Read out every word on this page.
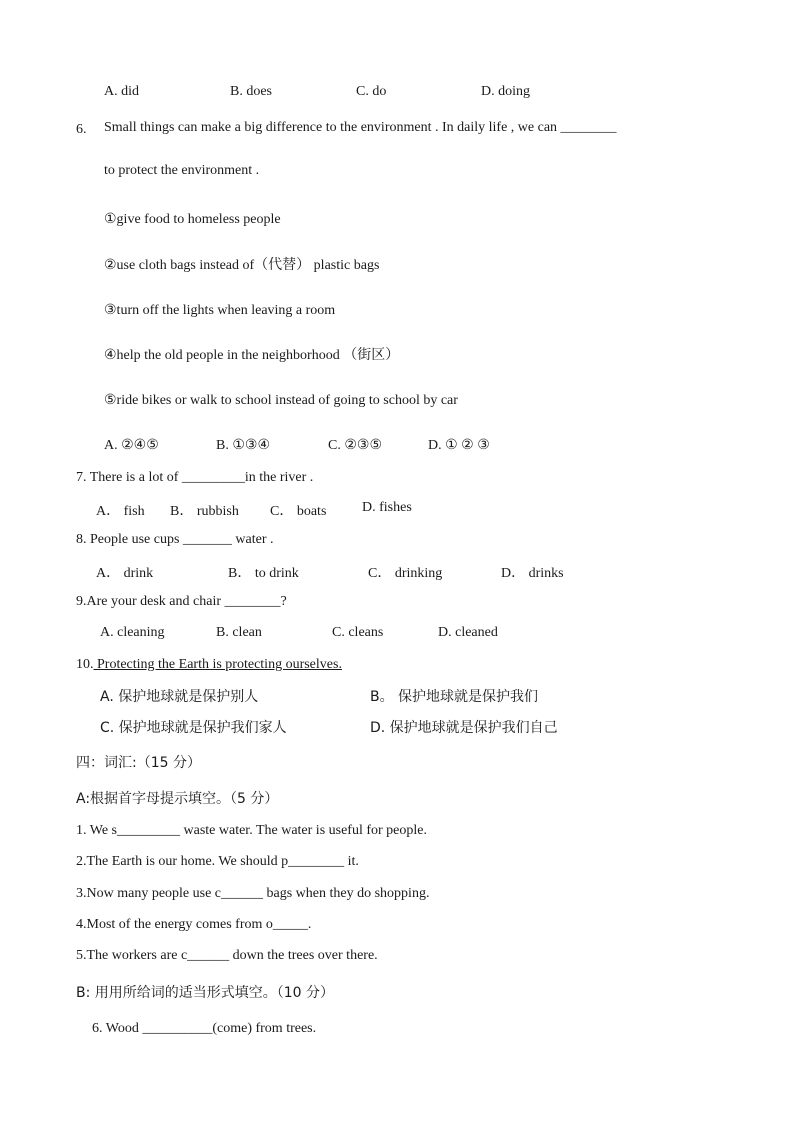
A. did	B. does	C. do	D. doing
6. Small things can make a big difference to the environment . In daily life , we can ________
to protect the environment .
①give food to homeless people
②use cloth bags instead of（代替） plastic bags
③turn off the lights when leaving a room
④help the old people in the neighborhood （街区）
⑤ride bikes or walk to school instead of going to school by car
A. ②④⑤	B. ①③④	C. ②③⑤	D. ① ② ③
7. There is a lot of _________in the river .
A． fish B． rubbish C． boats	D. fishes
8. People use cups _______ water .
A． drink	B． to drink	C． drinking	D． drinks
9.Are your desk and chair ________?
A. cleaning	B. clean	C. cleans	D. cleaned
10. Protecting the Earth is protecting ourselves.
A. 保护地球就是保护别人	B。 保护地球就是保护我们
C. 保护地球就是保护我们家人	D. 保护地球就是保护我们自己
四：词汇:（15 分）
A:根据首字母提示填空。（5 分）
1. We s_________ waste water. The water is useful for people.
2.The Earth is our home. We should p________ it.
3.Now many people use c______ bags when they do shopping.
4.Most of the energy comes from o_____.
5.The workers are c______ down the trees over there.
B: 用用所给词的适当形式填空。（10 分）
6. Wood __________(come) from trees.
